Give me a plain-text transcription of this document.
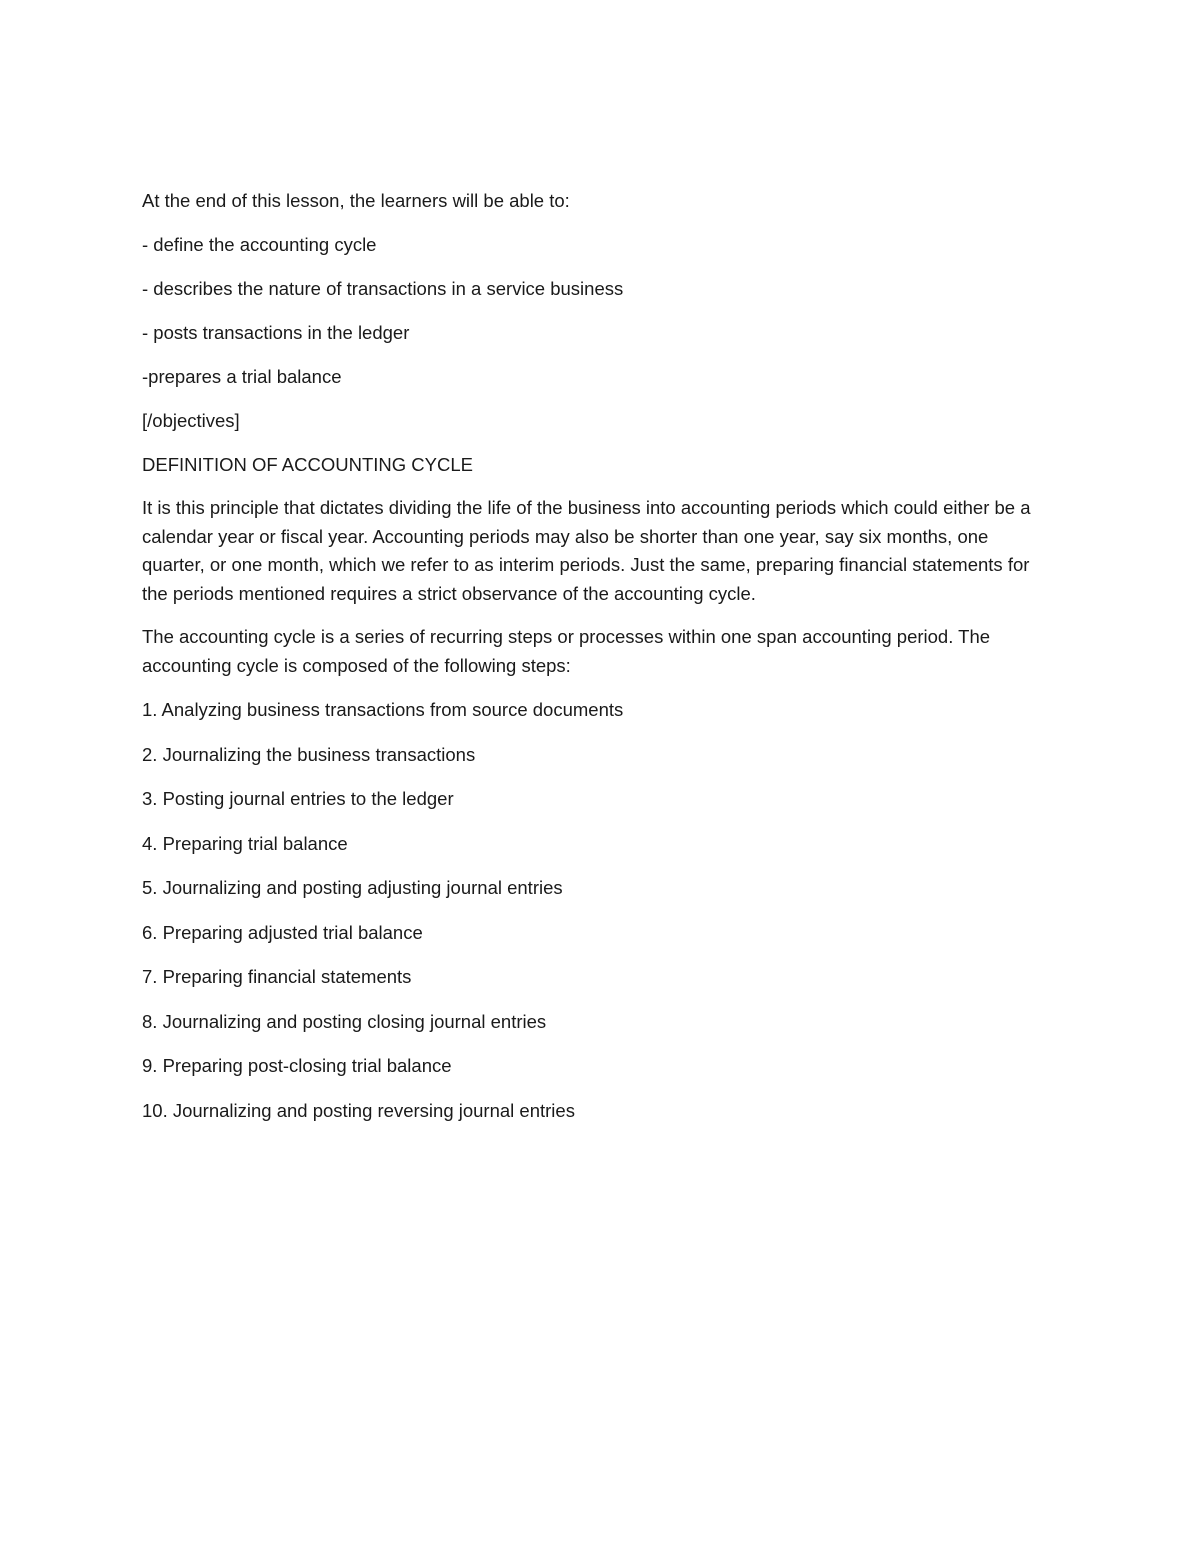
At the end of this lesson, the learners will be able to:

- define the accounting cycle

- describes the nature of transactions in a service business

- posts transactions in the ledger

-prepares a trial balance

[/objectives]

DEFINITION OF ACCOUNTING CYCLE

It is this principle that dictates dividing the life of the business into accounting periods which could either be a calendar year or fiscal year. Accounting periods may also be shorter than one year, say six months, one quarter, or one month, which we refer to as interim periods. Just the same, preparing financial statements for the periods mentioned requires a strict observance of the accounting cycle.

The accounting cycle is a series of recurring steps or processes within one span accounting period. The accounting cycle is composed of the following steps:

1. Analyzing business transactions from source documents

2. Journalizing the business transactions

3. Posting journal entries to the ledger

4. Preparing trial balance

5. Journalizing and posting adjusting journal entries

6. Preparing adjusted trial balance

7. Preparing financial statements

8. Journalizing and posting closing journal entries

9. Preparing post-closing trial balance

10. Journalizing and posting reversing journal entries
